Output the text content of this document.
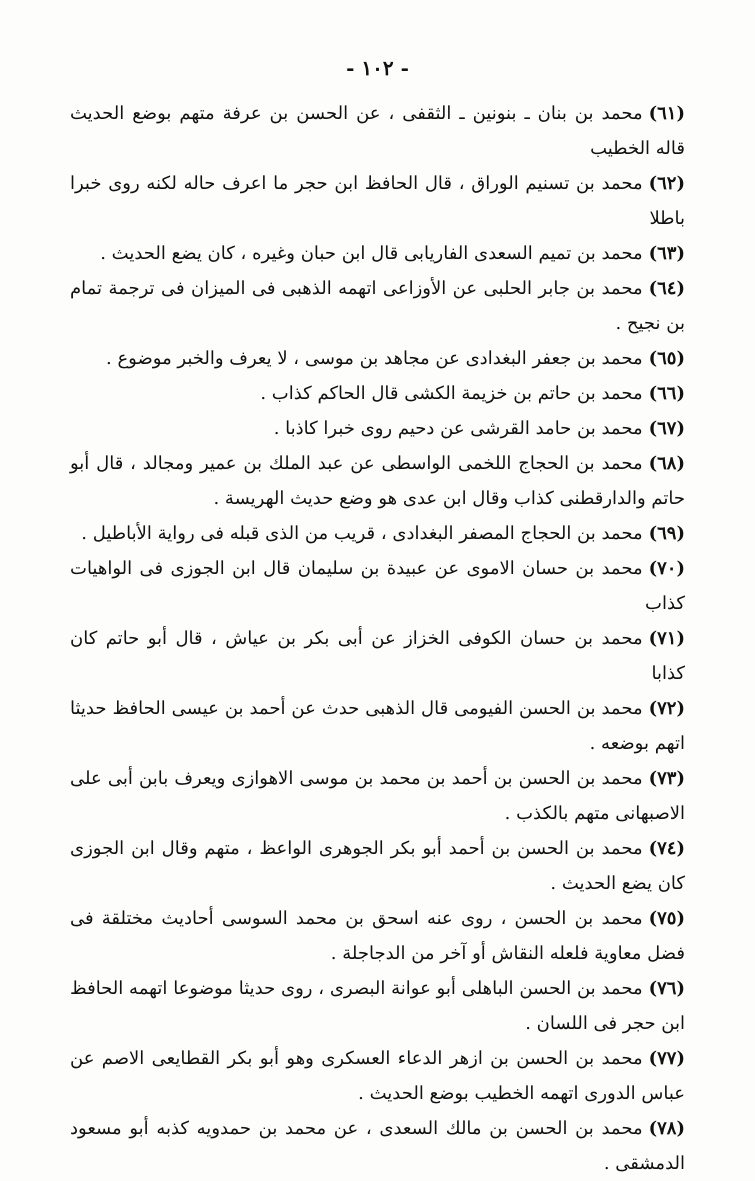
- ١٠٢ -

(٦١)محمد بن بنان ـ بنونين ـ الثقفى ، عن الحسن بن عرفة متهم بوضع الحديث قاله الخطيب

(٦٢)محمد بن تسنيم الوراق ، قال الحافظ ابن حجر ما اعرف حاله لكنه روى خبرا باطلا

(٦٣)محمد بن تميم السعدى الفاريابى قال ابن حبان وغيره ، كان يضع الحديث .

(٦٤)محمد بن جابر الحلبى عن الأوزاعى اتهمه الذهبى فى الميزان فى ترجمة تمام بن نجيح .

(٦٥)محمد بن جعفر البغدادى عن مجاهد بن موسى ، لا يعرف والخبر موضوع .

(٦٦)محمد بن حاتم بن خزيمة الكشى قال الحاكم كذاب .

(٦٧)محمد بن حامد القرشى عن دحيم روى خبرا كاذبا .

(٦٨)محمد بن الحجاج اللخمى الواسطى عن عبد الملك بن عمير ومجالد ، قال أبو حاتم والدارقطنى كذاب وقال ابن عدى هو وضع حديث الهريسة .

(٦٩)محمد بن الحجاج المصفر البغدادى ، قريب من الذى قبله فى رواية الأباطيل .

(٧٠)محمد بن حسان الاموى عن عبيدة بن سليمان قال ابن الجوزى فى الواهيات كذاب

(٧١)محمد بن حسان الكوفى الخزاز عن أبى بكر بن عياش ، قال أبو حاتم كان كذابا

(٧٢)محمد بن الحسن الفيومى قال الذهبى حدث عن أحمد بن عيسى الحافظ حديثا اتهم بوضعه .

(٧٣)محمد بن الحسن بن أحمد بن محمد بن موسى الاهوازى ويعرف بابن أبى على الاصبهانى متهم بالكذب .

(٧٤)محمد بن الحسن بن أحمد أبو بكر الجوهرى الواعظ ، متهم وقال ابن الجوزى كان يضع الحديث .

(٧٥)محمد بن الحسن ، روى عنه اسحق بن محمد السوسى أحاديث مختلقة فى فضل معاوية فلعله النقاش أو آخر من الدجاجلة .

(٧٦)محمد بن الحسن الباهلى أبو عوانة البصرى ، روى حديثا موضوعا اتهمه الحافظ ابن حجر فى اللسان .

(٧٧)محمد بن الحسن بن ازهر الدعاء العسكرى وهو أبو بكر القطايعى الاصم عن عباس الدورى اتهمه الخطيب بوضع الحديث .

(٧٨)محمد بن الحسن بن مالك السعدى ، عن محمد بن حمدويه كذبه أبو مسعود الدمشقى .
